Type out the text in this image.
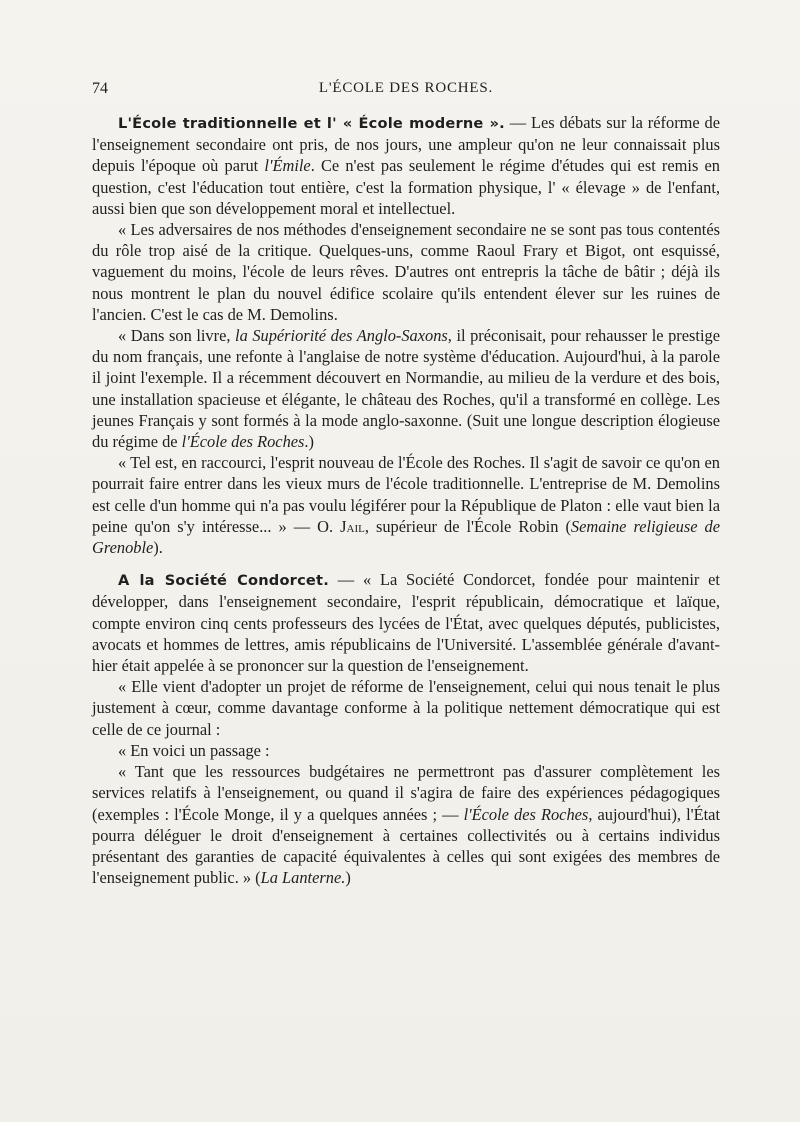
74	L'ÉCOLE DES ROCHES.

L'École traditionnelle et l' « École moderne ». — Les débats sur la réforme de l'enseignement secondaire ont pris, de nos jours, une ampleur qu'on ne leur connaissait plus depuis l'époque où parut l'Émile. Ce n'est pas seulement le régime d'études qui est remis en question, c'est l'éducation tout entière, c'est la formation physique, l' « élevage » de l'enfant, aussi bien que son développement moral et intellectuel.

« Les adversaires de nos méthodes d'enseignement secondaire ne se sont pas tous contentés du rôle trop aisé de la critique. Quelques-uns, comme Raoul Frary et Bigot, ont esquissé, vaguement du moins, l'école de leurs rêves. D'autres ont entrepris la tâche de bâtir ; déjà ils nous montrent le plan du nouvel édifice scolaire qu'ils entendent élever sur les ruines de l'ancien. C'est le cas de M. Demolins.

« Dans son livre, la Supériorité des Anglo-Saxons, il préconisait, pour rehausser le prestige du nom français, une refonte à l'anglaise de notre système d'éducation. Aujourd'hui, à la parole il joint l'exemple. Il a récemment découvert en Normandie, au milieu de la verdure et des bois, une installation spacieuse et élégante, le château des Roches, qu'il a transformé en collège. Les jeunes Français y sont formés à la mode anglo-saxonne. (Suit une longue description élogieuse du régime de l'École des Roches.)

« Tel est, en raccourci, l'esprit nouveau de l'École des Roches. Il s'agit de savoir ce qu'on en pourrait faire entrer dans les vieux murs de l'école traditionnelle. L'entreprise de M. Demolins est celle d'un homme qui n'a pas voulu légiférer pour la République de Platon : elle vaut bien la peine qu'on s'y intéresse... » — O. Jail, supérieur de l'École Robin (Semaine religieuse de Grenoble).

A la Société Condorcet. — « La Société Condorcet, fondée pour maintenir et développer, dans l'enseignement secondaire, l'esprit républicain, démocratique et laïque, compte environ cinq cents professeurs des lycées de l'État, avec quelques députés, publicistes, avocats et hommes de lettres, amis républicains de l'Université. L'assemblée générale d'avant-hier était appelée à se prononcer sur la question de l'enseignement.

« Elle vient d'adopter un projet de réforme de l'enseignement, celui qui nous tenait le plus justement à cœur, comme davantage conforme à la politique nettement démocratique qui est celle de ce journal :

« En voici un passage :

« Tant que les ressources budgétaires ne permettront pas d'assurer complètement les services relatifs à l'enseignement, ou quand il s'agira de faire des expériences pédagogiques (exemples : l'École Monge, il y a quelques années ; — l'École des Roches, aujourd'hui), l'État pourra déléguer le droit d'enseignement à certaines collectivités ou à certains individus présentant des garanties de capacité équivalentes à celles qui sont exigées des membres de l'enseignement public. » (La Lanterne.)
